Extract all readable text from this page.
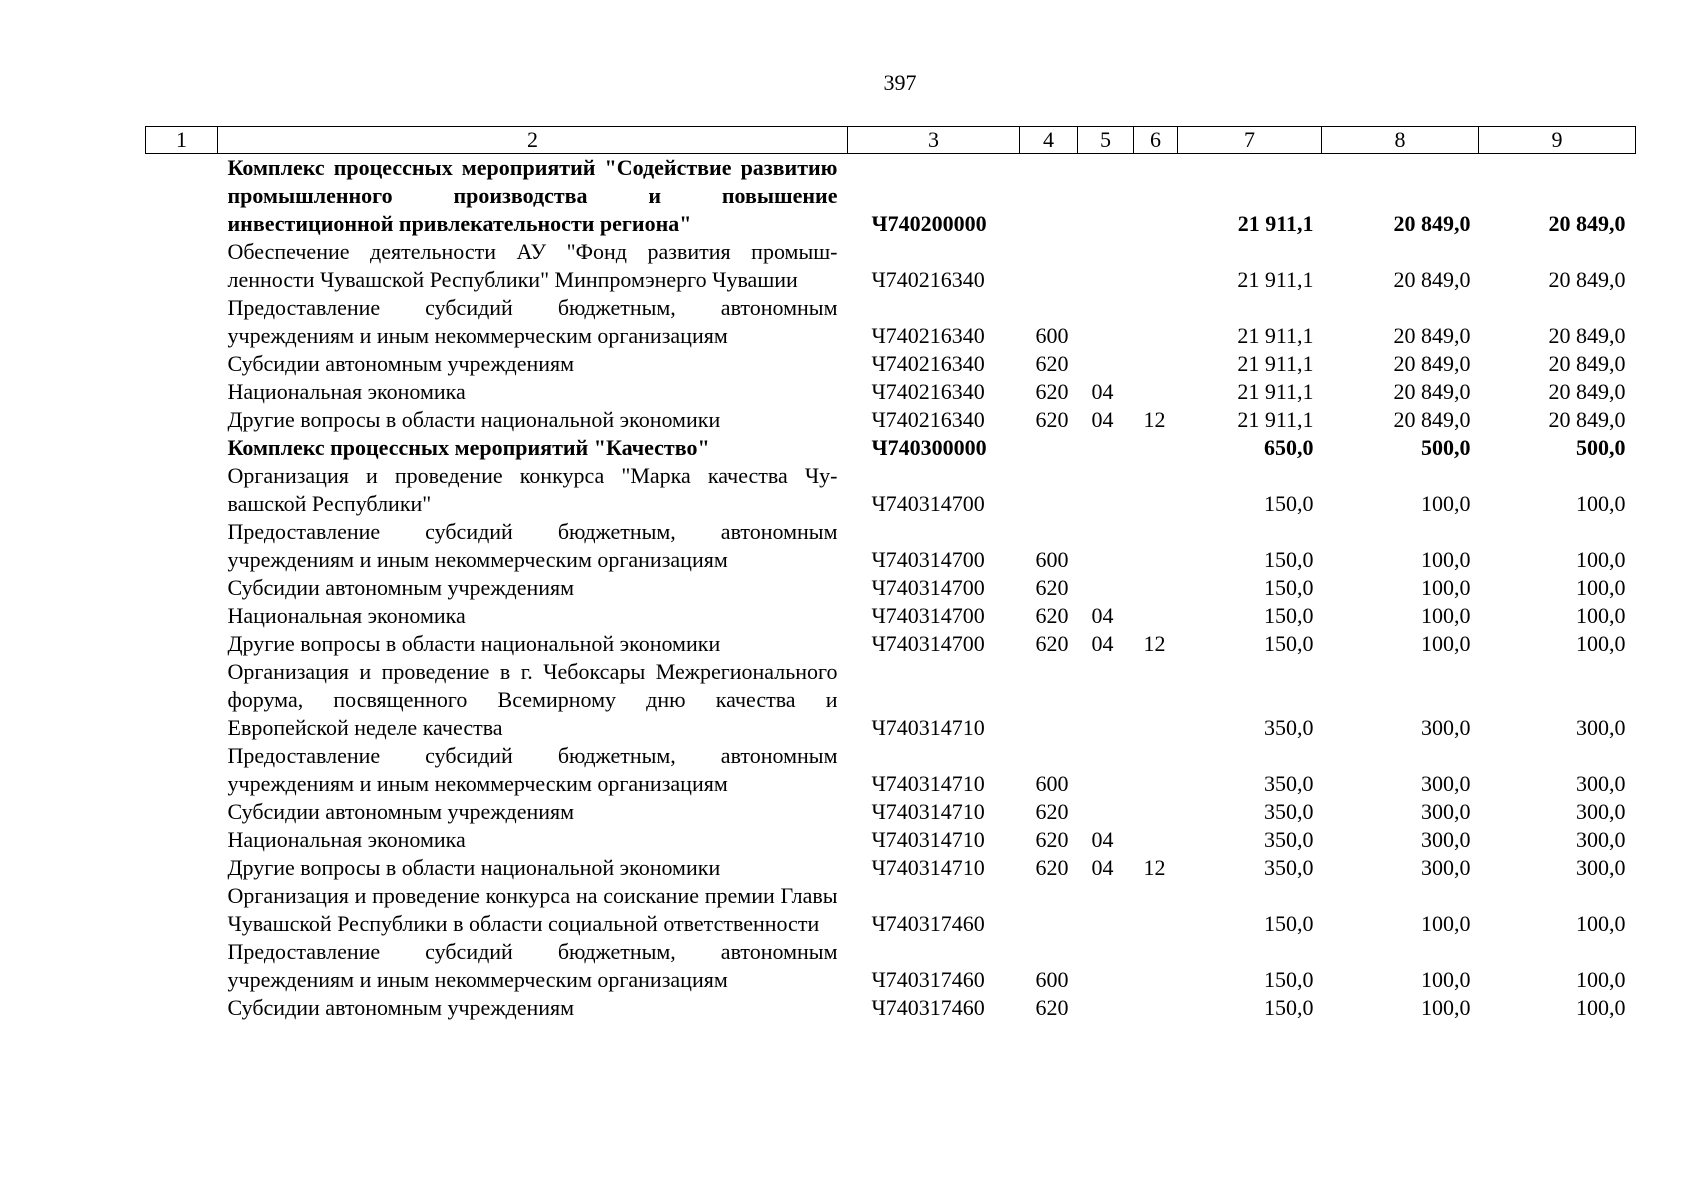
397
1	2	3	4	5	6	7	8	9
	Комплекс процессных мероприятий "Содействие развитию промышленного производства и повышение инвестиционной привлекательности региона"	Ч740200000				21 911,1	20 849,0	20 849,0
	Обеспечение деятельности АУ "Фонд развития промышленности Чувашской Республики" Минпромэнерго Чувашии	Ч740216340				21 911,1	20 849,0	20 849,0
	Предоставление субсидий бюджетным, автономным учреждениям и иным некоммерческим организациям	Ч740216340	600			21 911,1	20 849,0	20 849,0
	Субсидии автономным учреждениям	Ч740216340	620			21 911,1	20 849,0	20 849,0
	Национальная экономика	Ч740216340	620	04		21 911,1	20 849,0	20 849,0
	Другие вопросы в области национальной экономики	Ч740216340	620	04	12	21 911,1	20 849,0	20 849,0
	Комплекс процессных мероприятий "Качество"	Ч740300000				650,0	500,0	500,0
	Организация и проведение конкурса "Марка качества Чувашской Республики"	Ч740314700				150,0	100,0	100,0
	Предоставление субсидий бюджетным, автономным учреждениям и иным некоммерческим организациям	Ч740314700	600			150,0	100,0	100,0
	Субсидии автономным учреждениям	Ч740314700	620			150,0	100,0	100,0
	Национальная экономика	Ч740314700	620	04		150,0	100,0	100,0
	Другие вопросы в области национальной экономики	Ч740314700	620	04	12	150,0	100,0	100,0
	Организация и проведение в г. Чебоксары Межрегионального форума, посвященного Всемирному дню качества и Европейской неделе качества	Ч740314710				350,0	300,0	300,0
	Предоставление субсидий бюджетным, автономным учреждениям и иным некоммерческим организациям	Ч740314710	600			350,0	300,0	300,0
	Субсидии автономным учреждениям	Ч740314710	620			350,0	300,0	300,0
	Национальная экономика	Ч740314710	620	04		350,0	300,0	300,0
	Другие вопросы в области национальной экономики	Ч740314710	620	04	12	350,0	300,0	300,0
	Организация и проведение конкурса на соискание премии Главы Чувашской Республики в области социальной ответственности	Ч740317460				150,0	100,0	100,0
	Предоставление субсидий бюджетным, автономным учреждениям и иным некоммерческим организациям	Ч740317460	600			150,0	100,0	100,0
	Субсидии автономным учреждениям	Ч740317460	620			150,0	100,0	100,0
